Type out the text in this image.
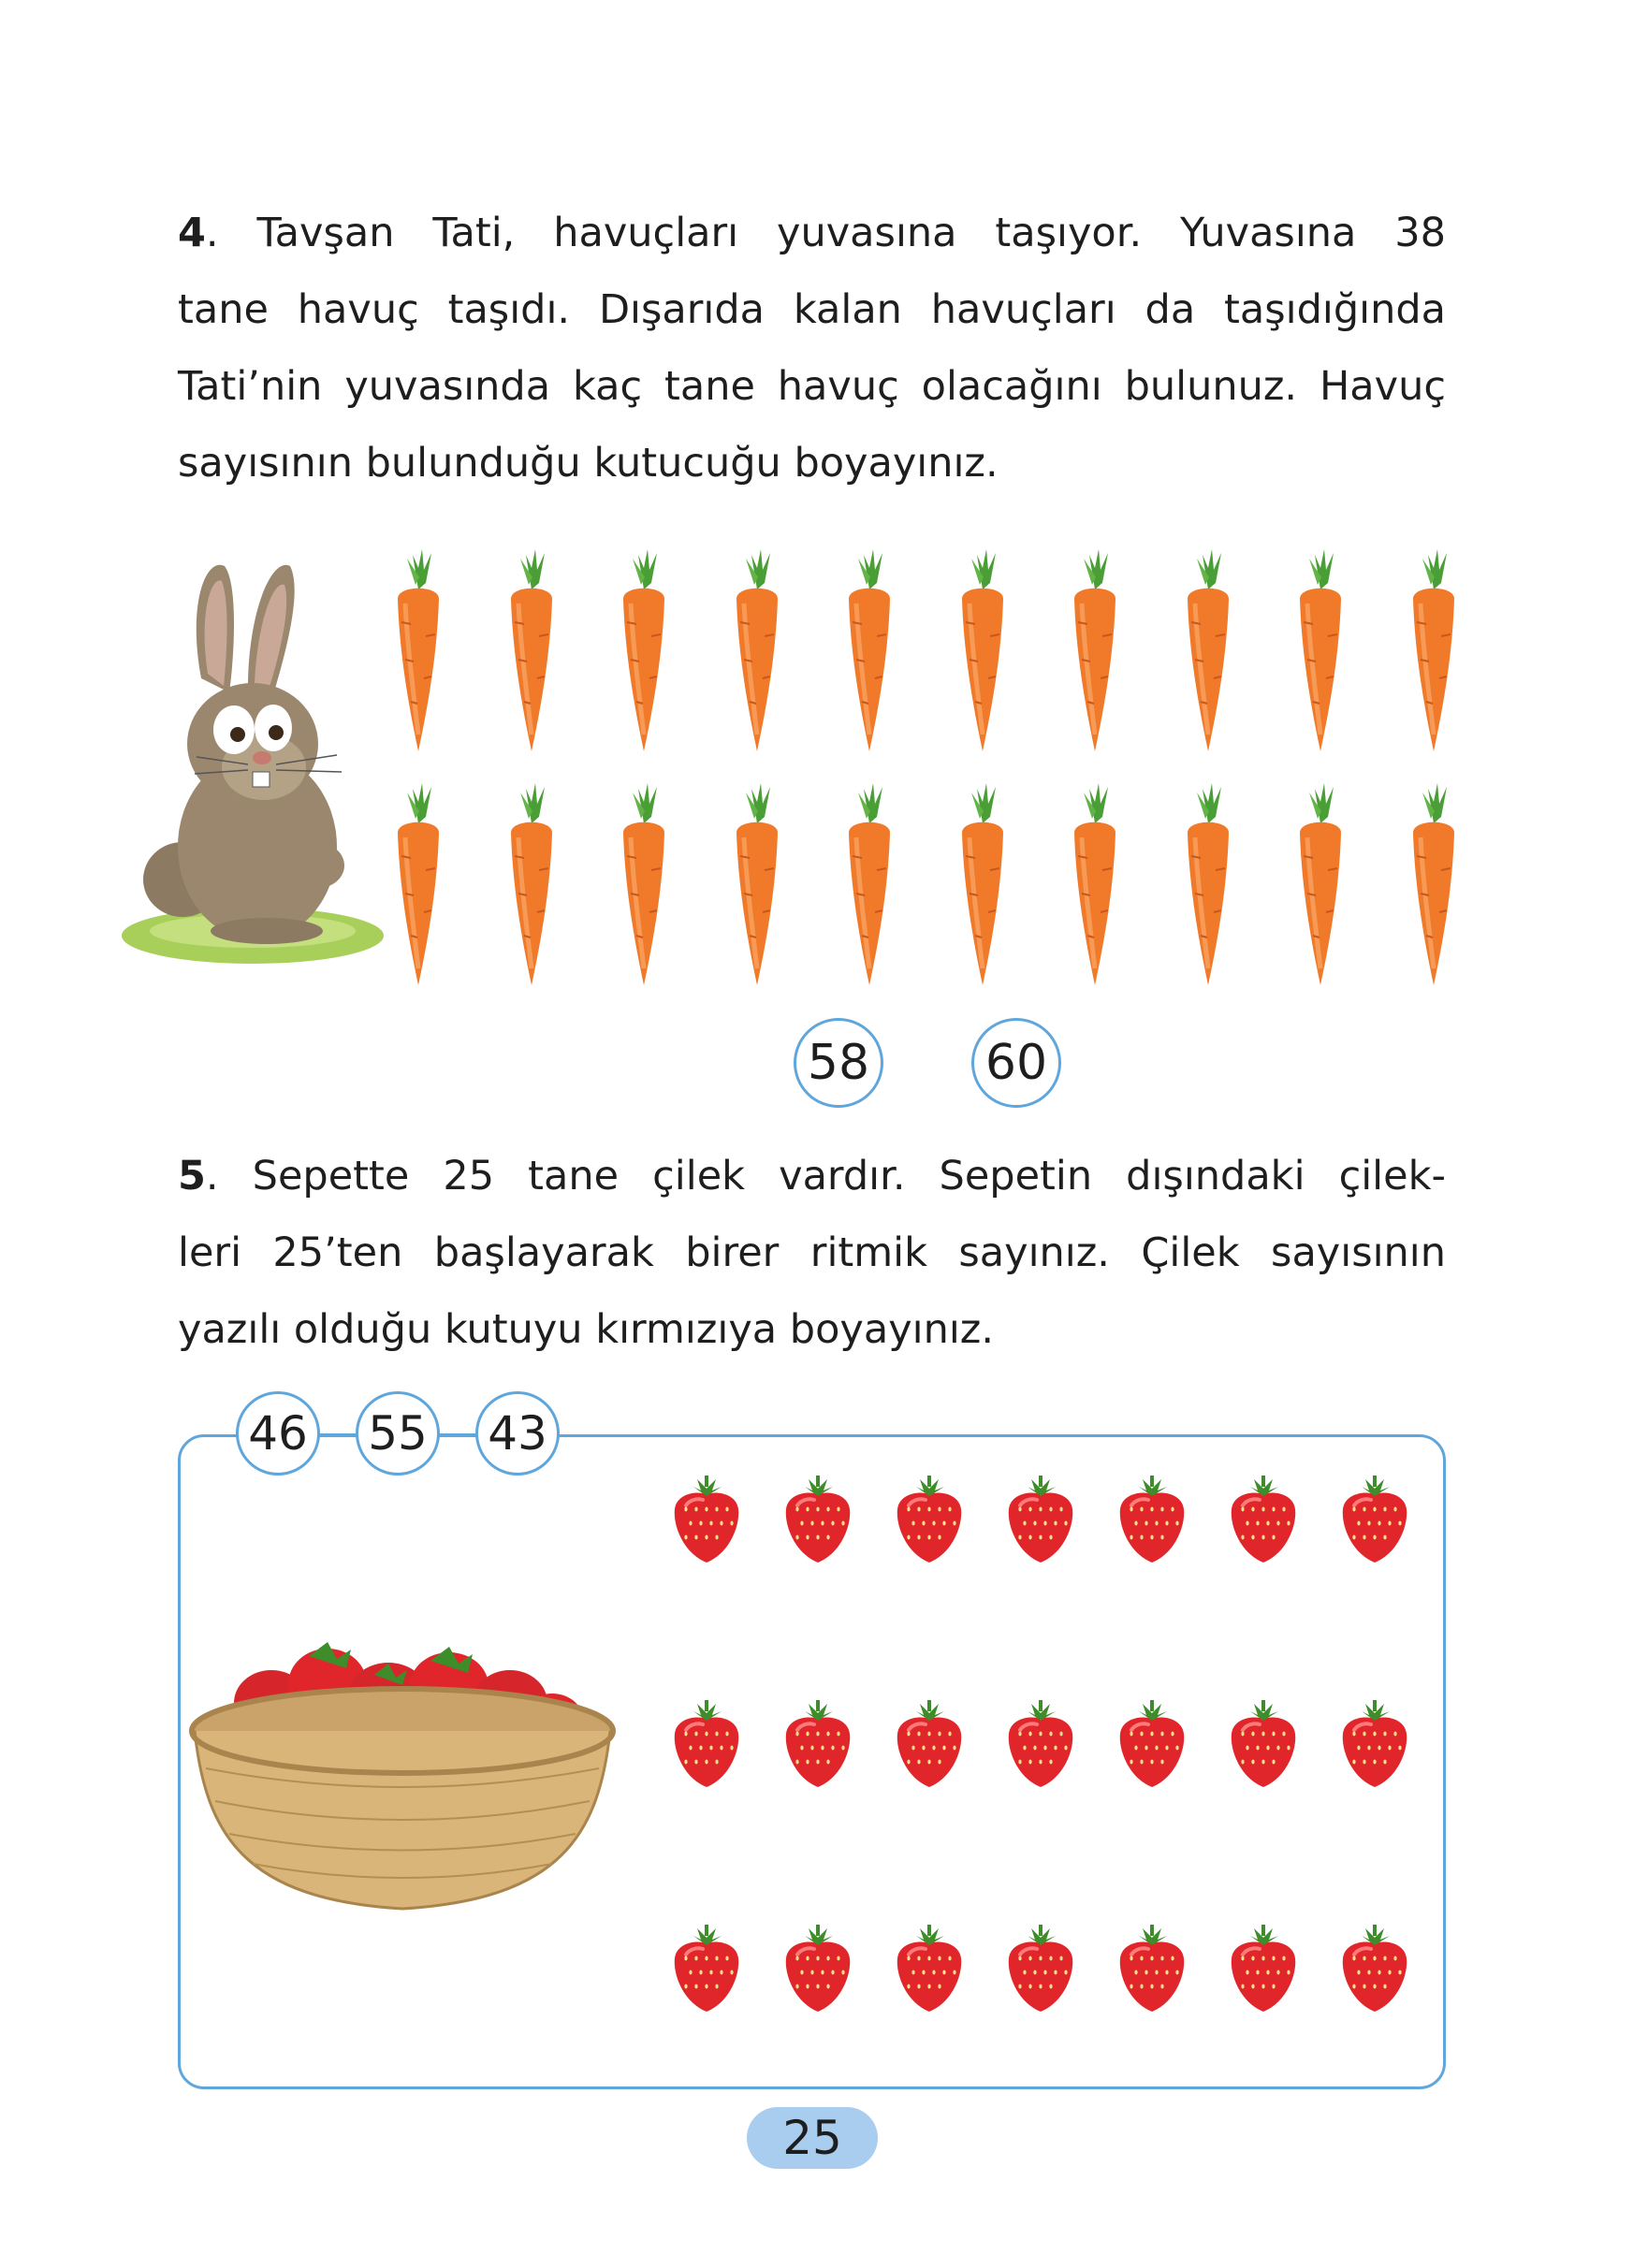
4. Tavşan Tati, havuçları yuvasına taşıyor. Yuvasına 38
tane havuç taşıdı. Dışarıda kalan havuçları da taşıdığında
Tati’nin yuvasında kaç tane havuç olacağını bulunuz. Havuç
sayısının bulunduğu kutucuğu boyayınız.
58 60
5. Sepette 25 tane çilek vardır. Sepetin dışındaki çilek-
leri 25’ten başlayarak birer ritmik sayınız. Çilek sayısının
yazılı olduğu kutuyu kırmızıya boyayınız.
46 55 43
25
